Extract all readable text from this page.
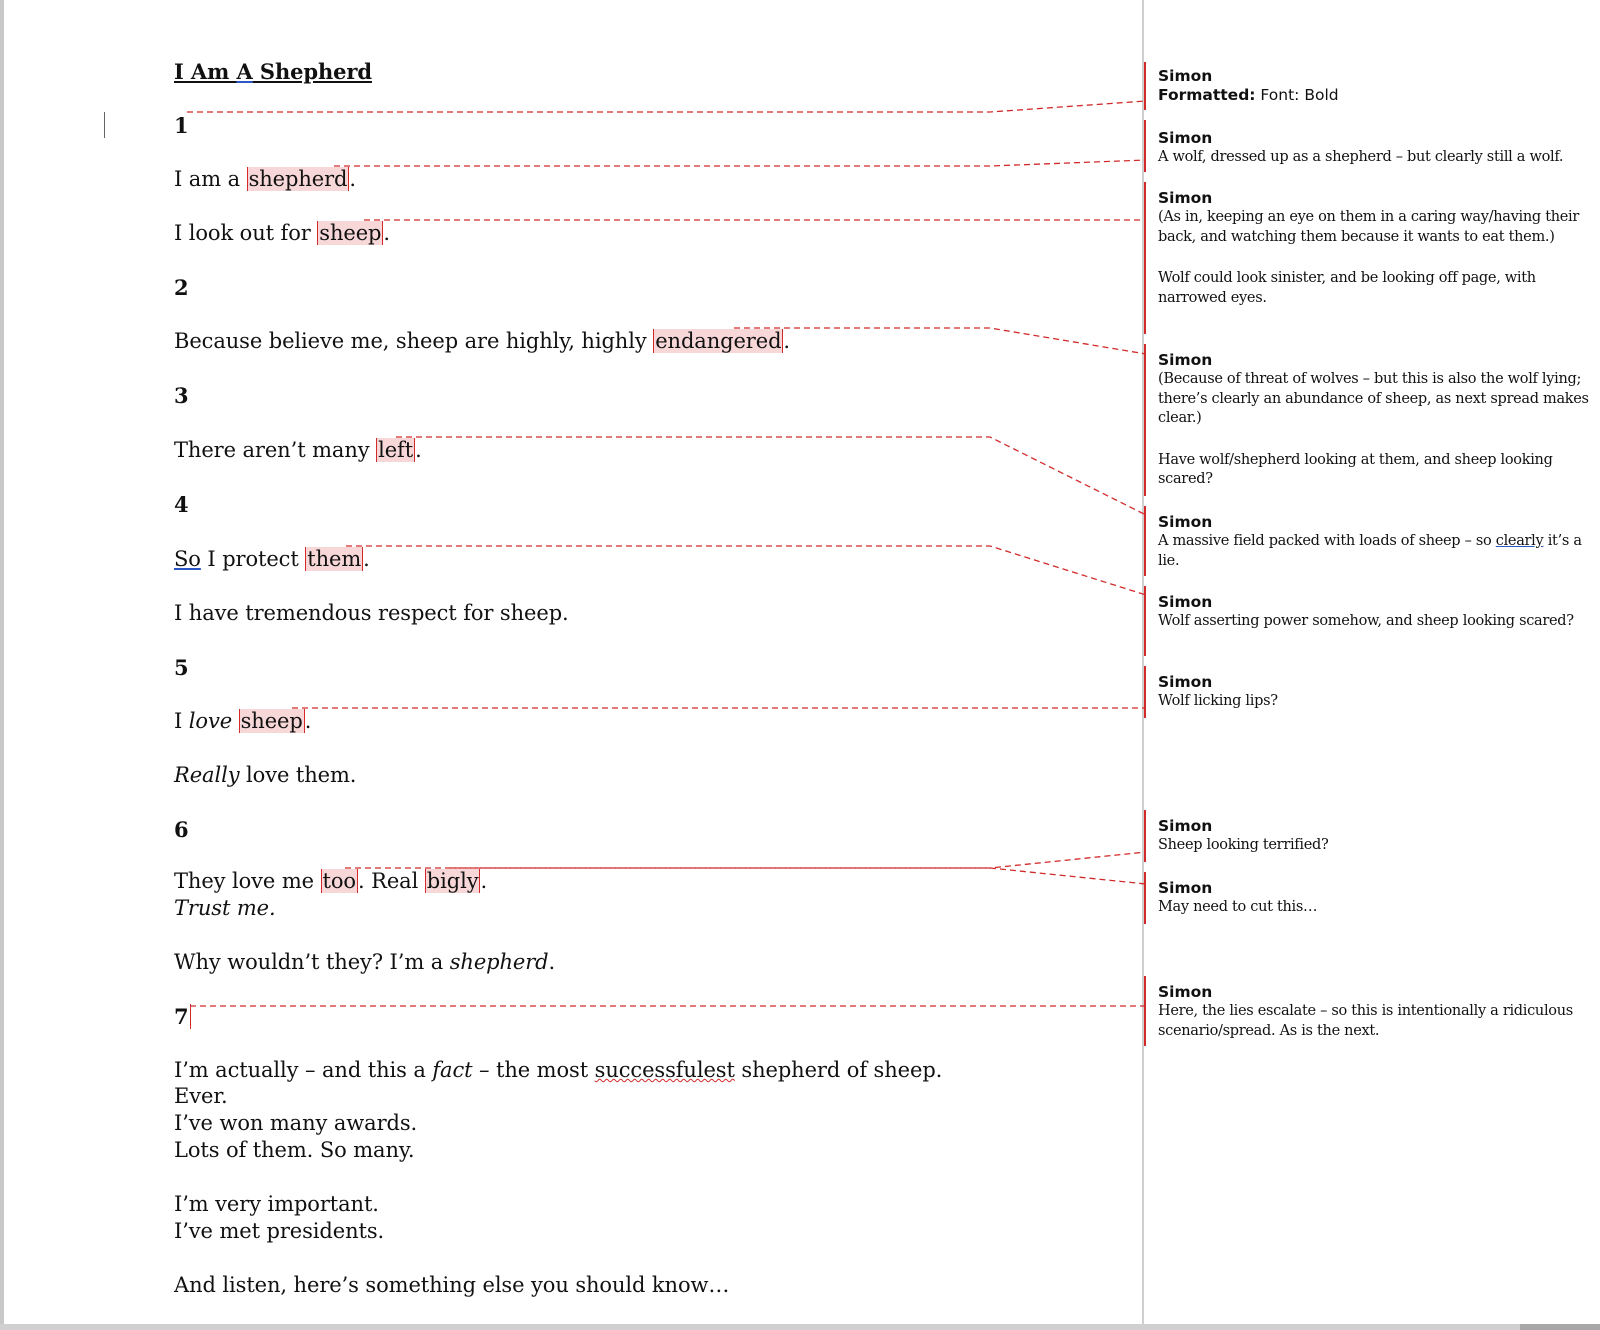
I Am A Shepherd
1
I am a shepherd.
I look out for sheep.
2
Because believe me, sheep are highly, highly endangered.
3
There aren’t many left.
4
So I protect them.
I have tremendous respect for sheep.
5
I love sheep.
Really love them.
6
They love me too. Real bigly.
Trust me.
Why wouldn’t they? I’m a shepherd.
7
I’m actually – and this a fact – the most successfulest shepherd of sheep.
Ever.
I’ve won many awards.
Lots of them. So many.
I’m very important.
I’ve met presidents.
And listen, here’s something else you should know…
Simon
Formatted: Font: Bold
Simon
A wolf, dressed up as a shepherd – but clearly still a wolf.
Simon
(As in, keeping an eye on them in a caring way/having their back, and watching them because it wants to eat them.)
Wolf could look sinister, and be looking off page, with narrowed eyes.
Simon
(Because of threat of wolves – but this is also the wolf lying; there’s clearly an abundance of sheep, as next spread makes clear.)
Have wolf/shepherd looking at them, and sheep looking scared?
Simon
A massive field packed with loads of sheep – so clearly it’s a lie.
Simon
Wolf asserting power somehow, and sheep looking scared?
Simon
Wolf licking lips?
Simon
Sheep looking terrified?
Simon
May need to cut this…
Simon
Here, the lies escalate – so this is intentionally a ridiculous scenario/spread. As is the next.
